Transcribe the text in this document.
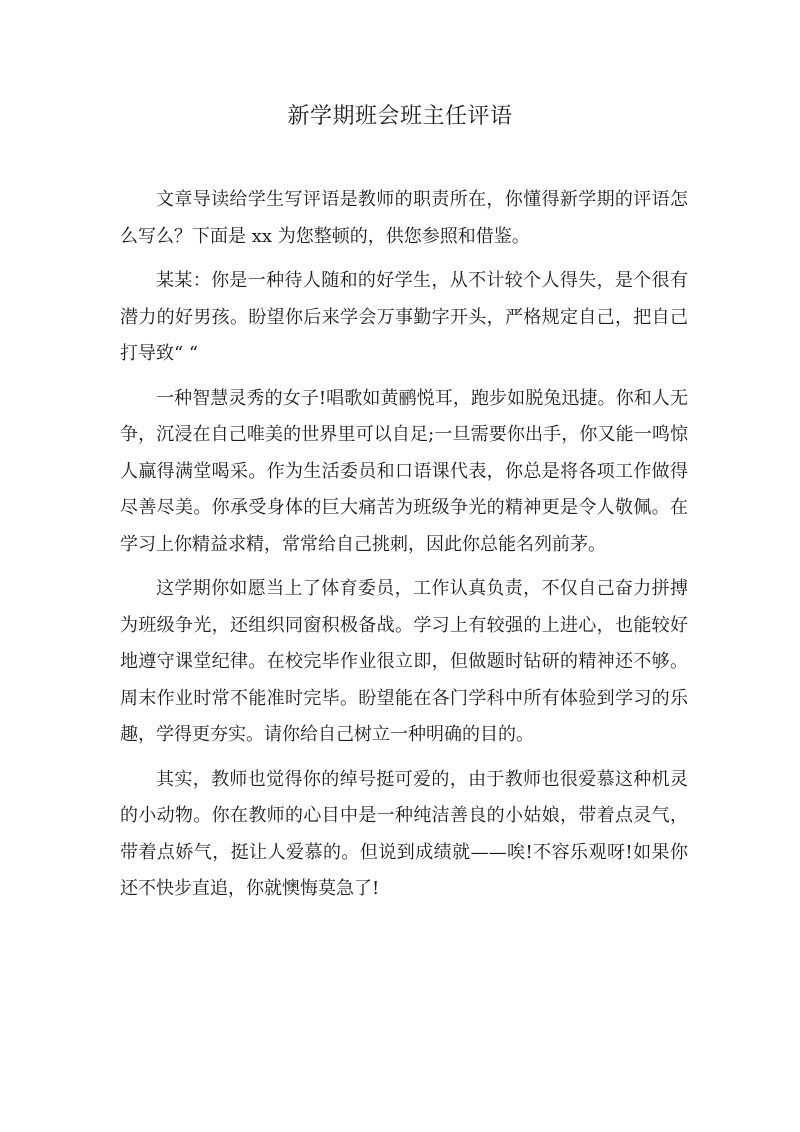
新学期班会班主任评语

文章导读给学生写评语是教师的职责所在，你懂得新学期的评语怎么写么？下面是 xx 为您整顿的，供您参照和借鉴。

某某：你是一种待人随和的好学生，从不计较个人得失，是个很有潜力的好男孩。盼望你后来学会万事勤字开头，严格规定自己，把自己打导致“ “

一种智慧灵秀的女子!唱歌如黄鹂悦耳，跑步如脱兔迅捷。你和人无争，沉浸在自己唯美的世界里可以自足;一旦需要你出手，你又能一鸣惊人赢得满堂喝采。作为生活委员和口语课代表，你总是将各项工作做得尽善尽美。你承受身体的巨大痛苦为班级争光的精神更是令人敬佩。在学习上你精益求精，常常给自己挑刺，因此你总能名列前茅。

这学期你如愿当上了体育委员，工作认真负责，不仅自己奋力拼搏为班级争光，还组织同窗积极备战。学习上有较强的上进心，也能较好地遵守课堂纪律。在校完毕作业很立即，但做题时钻研的精神还不够。周末作业时常不能准时完毕。盼望能在各门学科中所有体验到学习的乐趣，学得更夯实。请你给自己树立一种明确的目的。

其实，教师也觉得你的绰号挺可爱的，由于教师也很爱慕这种机灵的小动物。你在教师的心目中是一种纯洁善良的小姑娘，带着点灵气，带着点娇气，挺让人爱慕的。但说到成绩就——唉!不容乐观呀!如果你还不快步直追，你就懊悔莫急了!
